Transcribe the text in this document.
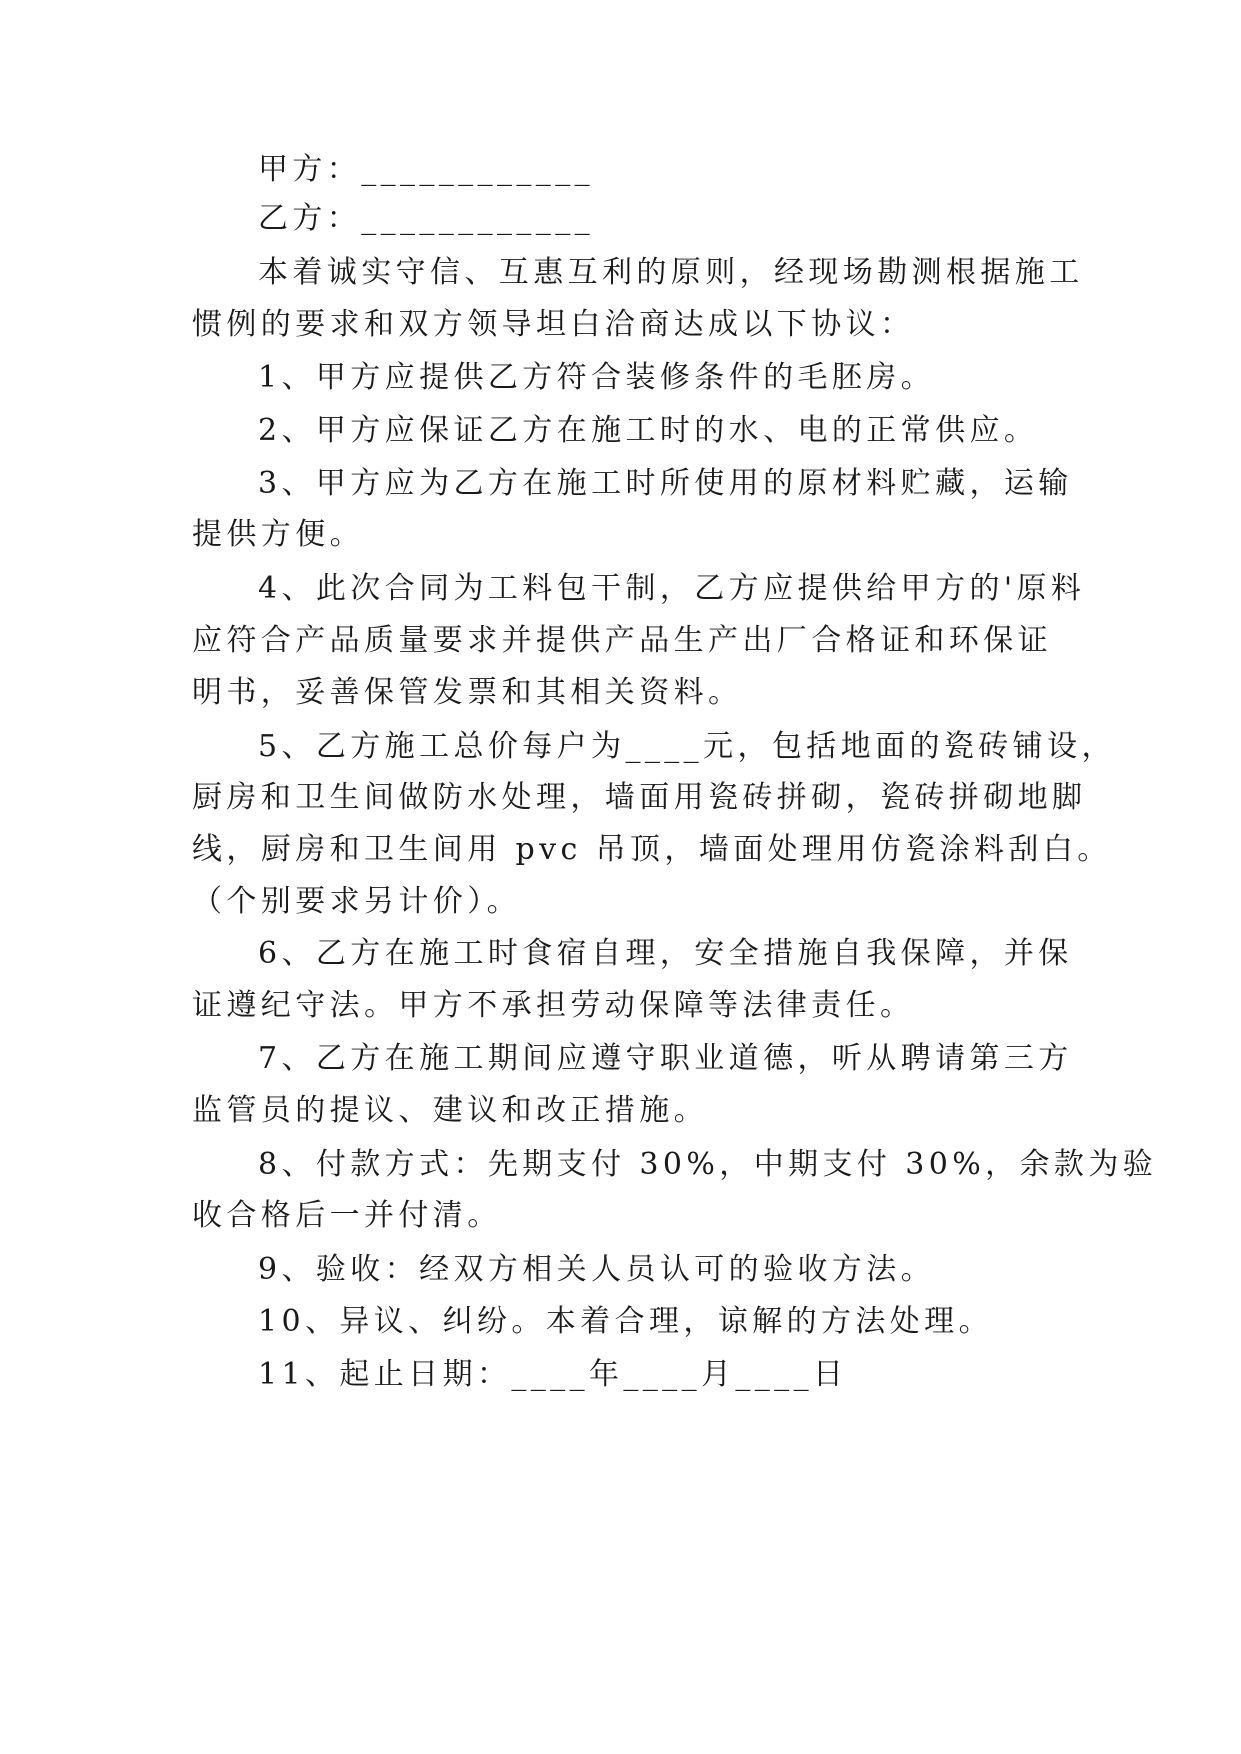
甲方：____________
乙方：____________
本着诚实守信、互惠互利的原则，经现场勘测根据施工
惯例的要求和双方领导坦白洽商达成以下协议：
1、甲方应提供乙方符合装修条件的毛胚房。
2、甲方应保证乙方在施工时的水、电的正常供应。
3、甲方应为乙方在施工时所使用的原材料贮藏，运输
提供方便。
4、此次合同为工料包干制，乙方应提供给甲方的'原料
应符合产品质量要求并提供产品生产出厂合格证和环保证
明书，妥善保管发票和其相关资料。
5、乙方施工总价每户为____元，包括地面的瓷砖铺设，
厨房和卫生间做防水处理，墙面用瓷砖拼砌，瓷砖拼砌地脚
线，厨房和卫生间用 pvc 吊顶，墙面处理用仿瓷涂料刮白。
（个别要求另计价）。
6、乙方在施工时食宿自理，安全措施自我保障，并保
证遵纪守法。甲方不承担劳动保障等法律责任。
7、乙方在施工期间应遵守职业道德，听从聘请第三方
监管员的提议、建议和改正措施。
8、付款方式：先期支付 30%，中期支付 30%，余款为验
收合格后一并付清。
9、验收：经双方相关人员认可的验收方法。
10、异议、纠纷。本着合理，谅解的方法处理。
11、起止日期：____年____月____日
